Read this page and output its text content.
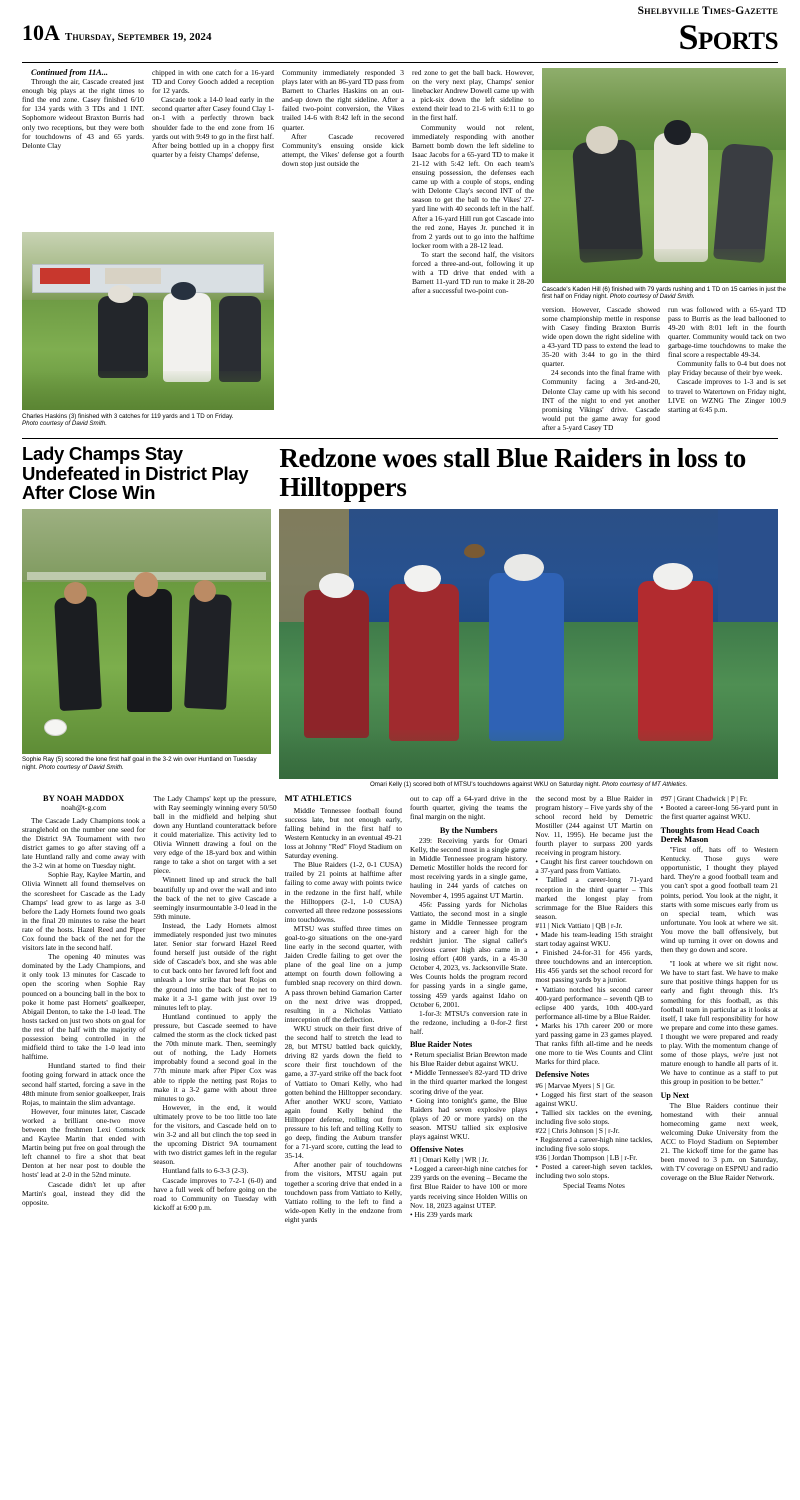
Shelbyville Times-Gazette
Sports
10A Thursday, September 19, 2024

Continued from 11A...

Through the air, Cascade created just enough big plays at the right times to find the end zone. Casey finished 6/10 for 134 yards with 3 TDs and 1 INT. Sophomore wideout Braxton Burris had only two receptions, but they were both for touchdowns of 43 and 65 yards. Delonte Clay

chipped in with one catch for a 16-yard TD and Corey Gooch added a reception for 12 yards.

Cascade took a 14-0 lead early in the second quarter after Casey found Clay 1-on-1 with a perfectly thrown back shoulder fade to the end zone from 16 yards out with 9:49 to go in the first half. After being bottled up in a choppy first quarter by a feisty Champs' defense,

Community immediately responded 3 plays later with an 86-yard TD pass from Barnett to Charles Haskins on an out-and-up down the right sideline. After a failed two-point conversion, the Vikes trailed 14-6 with 8:42 left in the second quarter.

After Cascade recovered Community's ensuing onside kick attempt, the Vikes' defense got a fourth down stop just outside the

red zone to get the ball back. However, on the very next play, Champs' senior linebacker Andrew Dowell came up with a pick-six down the left sideline to extend their lead to 21-6 with 6:11 to go in the first half.

Community would not relent, immediately responding with another Barnett bomb down the left sideline to Isaac Jacobs for a 65-yard TD to make it 21-12 with 5:42 left. On each team's ensuing possession, the defenses each came up with a couple of stops, ending with Delonte Clay's second INT of the season to get the ball to the Vikes' 27-yard line with 40 seconds left in the half. After a 16-yard Hill run got Cascade into the red zone, Hayes Jr. punched it in from 2 yards out to go into the halftime locker room with a 28-12 lead.

To start the second half, the visitors forced a three-and-out, following it up with a TD drive that ended with a Barnett 11-yard TD run to make it 28-20 after a successful two-point con-	Cascade's Kaden Hill (6) finished with 79 yards rushing and 1 TD on 15 carries in just the first half on Friday night. Photo courtesy of David Smith.

version. However, Cascade showed some championship mettle in response with Casey finding Braxton Burris wide open down the right sideline with a 43-yard TD pass to extend the lead to 35-20 with 3:44 to go in the third quarter.

24 seconds into the final frame with Community facing a 3rd-and-20, Delonte Clay came up with his second INT of the night to end yet another promising Vikings' drive. Cascade would put the game away for good after a 5-yard Casey TD

run was followed with a 65-yard TD pass to Burris as the lead ballooned to 49-20 with 8:01 left in the fourth quarter. Community would tack on two garbage-time touchdowns to make the final score a respectable 49-34.

Community falls to 0-4 but does not play Friday because of their bye week.

Cascade improves to 1-3 and is set to travel to Watertown on Friday night, LIVE on WZNG The Zinger 100.9 starting at 6:45 p.m.

Charles Haskins (3) finished with 3 catches for 119 yards and 1 TD on Friday.
Photo courtesy of David Smith.
Lady Champs Stay Undefeated in District Play After Close Win
Redzone woes stall Blue Raiders in loss to Hilltoppers
Sophie Ray (5) scored the lone first half goal in the 3-2 win over Huntland on Tuesday night. Photo courtesy of David Smith.
Omari Kelly (1) scored both of MTSU's touchdowns against WKU on Saturday night. Photo courtesy of MT Athletics.
BY NOAH MADDOX
noah@t-g.com

The Cascade Lady Champions took a stranglehold on the number one seed for the District 9A Tournament with two district games to go after staving off a late Huntland rally and come away with the 3-2 win at home on Tuesday night.

Sophie Ray, Kaylee Martin, and Olivia Winnett all found themselves on the scoresheet for Cascade as the Lady Champs' lead grew to as large as 3-0 before the Lady Hornets found two goals in the final 20 minutes to raise the heart rate of the hosts. Hazel Reed and Piper Cox found the back of the net for the visitors late in the second half.

The opening 40 minutes was dominated by the Lady Champions, and it only took 13 minutes for Cascade to open the scoring when Sophie Ray pounced on a bouncing ball in the box to poke it home past Hornets' goalkeeper, Abigail Denton, to take the 1-0 lead. The hosts tacked on just two shots on goal for the rest of the half with the majority of possession being controlled in the midfield third to take the 1-0 lead into halftime.

Huntland started to find their footing going forward in attack once the second half started, forcing a save in the 48th minute from senior goalkeeper, Irais Rojas, to maintain the slim advantage.

However, four minutes later, Cascade worked a brilliant one-two move between the freshmen Lexi Comstock and Kaylee Martin that ended with Martin being put free on goal through the left channel to fire a shot that beat Denton at her near post to double the hosts' lead at 2-0 in the 52nd minute.

Cascade didn't let up after Martin's goal, instead they did the opposite.

The Lady Champs' kept up the pressure, with Ray seemingly winning every 50/50 ball in the midfield and helping shut down any Huntland counterattack before it could materialize. This activity led to Olivia Winnett drawing a foul on the very edge of the 18-yard box and within range to take a shot on target with a set piece.

Winnett lined up and struck the ball beautifully up and over the wall and into the back of the net to give Cascade a seemingly insurmountable 3-0 lead in the 59th minute.

Instead, the Lady Hornets almost immediately responded just two minutes later. Senior star forward Hazel Reed found herself just outside of the right side of Cascade's box, and she was able to cut back onto her favored left foot and unleash a low strike that beat Rojas on the ground into the back of the net to make it a 3-1 game with just over 19 minutes left to play.

Huntland continued to apply the pressure, but Cascade seemed to have calmed the storm as the clock ticked past the 70th minute mark. Then, seemingly out of nothing, the Lady Hornets improbably found a second goal in the 77th minute mark after Piper Cox was able to ripple the netting past Rojas to make it a 3-2 game with about three minutes to go.

However, in the end, it would ultimately prove to be too little too late for the visitors, and Cascade held on to win 3-2 and all but clinch the top seed in the upcoming District 9A tournament with two district games left in the regular season.

Huntland falls to 6-3-3 (2-3).

Cascade improves to 7-2-1 (6-0) and have a full week off before going on the road to Community on Tuesday with kickoff at 6:00 p.m.

MT ATHLETICS

Middle Tennessee football found success late, but not enough early, falling behind in the first half to Western Kentucky in an eventual 49-21 loss at Johnny "Red" Floyd Stadium on Saturday evening.

The Blue Raiders (1-2, 0-1 CUSA) trailed by 21 points at halftime after failing to come away with points twice in the redzone in the first half, while the Hilltoppers (2-1, 1-0 CUSA) converted all three redzone possessions into touchdowns.

MTSU was stuffed three times on goal-to-go situations on the one-yard line early in the second quarter, with Jaiden Credle failing to get over the plane of the goal line on a jump attempt on fourth down following a fumbled snap recovery on third down. A pass thrown behind Gamarion Carter on the next drive was dropped, resulting in a Nicholas Vattiato interception off the deflection.

WKU struck on their first drive of the second half to stretch the lead to 28, but MTSU battled back quickly, driving 82 yards down the field to score their first touchdown of the game, a 37-yard strike off the back foot of Vattiato to Omari Kelly, who had gotten behind the Hilltopper secondary. After another WKU score, Vattiato again found Kelly behind the Hilltopper defense, rolling out from pressure to his left and telling Kelly to go deep, finding the Auburn transfer for a 71-yard score, cutting the lead to 35-14.

After another pair of touchdowns from the visitors, MTSU again put together a scoring drive that ended in a touchdown pass from Vattiato to Kelly, Vattiato rolling to the left to find a wide-open Kelly in the endzone from eight yards

out to cap off a 64-yard drive in the fourth quarter, giving the teams the final margin on the night.

By the Numbers

239: Receiving yards for Omari Kelly, the second most in a single game in Middle Tennessee program history. Demetic Mostiller holds the record for most receiving yards in a single game, hauling in 244 yards of catches on November 4, 1995 against UT Martin.

456: Passing yards for Nicholas Vattiato, the second most in a single game in Middle Tennessee program history and a career high for the redshirt junior. The signal caller's previous career high also came in a losing effort (408 yards, in a 45-30 October 4, 2023, vs. Jacksonville State. Wes Counts holds the program record for passing yards in a single game, tossing 459 yards against Idaho on October 6, 2001.

1-for-3: MTSU's conversion rate in the redzone, including a 0-for-2 first half.

Blue Raider Notes

• Return specialist Brian Brewton made his Blue Raider debut against WKU.

• Middle Tennessee's 82-yard TD drive in the third quarter marked the longest scoring drive of the year.

• Going into tonight's game, the Blue Raiders had seven explosive plays (plays of 20 or more yards) on the season. MTSU tallied six explosive plays against WKU.

Offensive Notes

#1 | Omari Kelly | WR | Jr.

• Logged a career-high nine catches for 239 yards on the evening – Became the first Blue Raider to have 100 or more yards receiving since Holden Willis on Nov. 18, 2023 against UTEP.

• His 239 yards mark

the second most by a Blue Raider in program history – Five yards shy of the school record held by Demetric Mostiller (244 against UT Martin on Nov. 11, 1995). He became just the fourth player to surpass 200 yards receiving in program history.

• Caught his first career touchdown on a 37-yard pass from Vattiato.

• Tallied a career-long 71-yard reception in the third quarter – This marked the longest play from scrimmage for the Blue Raiders this season.

#11 | Nick Vattiato | QB | r-Jr.

• Made his team-leading 15th straight start today against WKU.

• Finished 24-for-31 for 456 yards, three touchdowns and an interception. His 456 yards set the school record for most passing yards by a junior.

• Vattiato notched his second career 400-yard performance – seventh QB to eclipse 400 yards, 10th 400-yard performance all-time by a Blue Raider.

• Marks his 17th career 200 or more yard passing game in 23 games played. That ranks fifth all-time and he needs one more to tie Wes Counts and Clint Marks for third place.

Defensive Notes

#6 | Marvae Myers | S | Gr.

• Logged his first start of the season against WKU.

• Tallied six tackles on the evening, including five solo stops.

#22 | Chris Johnson | S | r-Jr.

• Registered a career-high nine tackles, including five solo stops.

#36 | Jordan Thompson | LB | r-Fr.

• Posted a career-high seven tackles, including two solo stops.

Special Teams Notes

#97 | Grant Chadwick | P | Fr.

• Booted a career-long 56-yard punt in the first quarter against WKU.

Thoughts from Head Coach Derek Mason

"First off, hats off to Western Kentucky. Those guys were opportunistic, I thought they played hard. They're a good football team and you can't spot a good football team 21 points, period. You look at the night, it starts with some miscues early from us on special team, which was unfortunate. You look at where we sit. You move the ball offensively, but wind up turning it over on downs and then they go down and score.

"I look at where we sit right now. We have to start fast. We have to make sure that positive things happen for us early and fight through this. It's something for this football, as this football team in particular as it looks at itself, I take full responsibility for how we prepare and come into these games. I thought we were prepared and ready to play. With the momentum change of some of those plays, we're just not mature enough to handle all parts of it. We have to continue as a staff to put this group in position to be better."

Up Next

The Blue Raiders continue their homestand with their annual homecoming game next week, welcoming Duke University from the ACC to Floyd Stadium on September 21. The kickoff time for the game has been moved to 3 p.m. on Saturday, with TV coverage on ESPNU and radio coverage on the Blue Raider Network.
